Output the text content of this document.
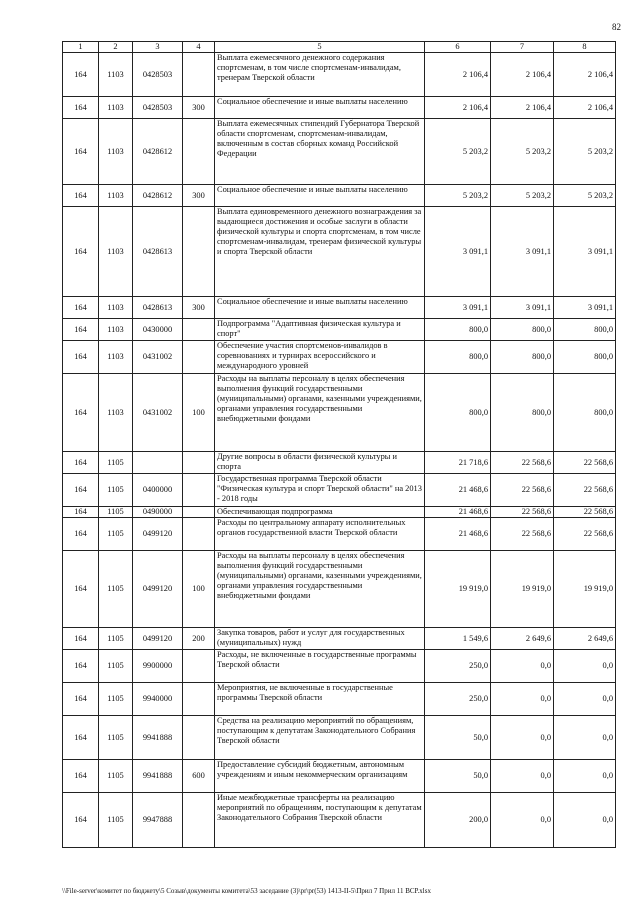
82
1	2	3	4	5	6	7	8
164	1103	0428503		Выплата ежемесячного денежного содержания спортсменам, в том числе спортсменам-инвалидам, тренерам Тверской области	2 106,4	2 106,4	2 106,4
164	1103	0428503	300	Социальное обеспечение и иные выплаты населению	2 106,4	2 106,4	2 106,4
164	1103	0428612		Выплата ежемесячных стипендий Губернатора Тверской области спортсменам, спортсменам-инвалидам, включенным в состав сборных команд Российской Федерации	5 203,2	5 203,2	5 203,2
164	1103	0428612	300	Социальное обеспечение и иные выплаты населению	5 203,2	5 203,2	5 203,2
164	1103	0428613		Выплата единовременного денежного вознаграждения за выдающиеся достижения и особые заслуги в области физической культуры и спорта спортсменам, в том числе спортсменам-инвалидам, тренерам физической культуры и спорта Тверской области	3 091,1	3 091,1	3 091,1
164	1103	0428613	300	Социальное обеспечение и иные выплаты населению	3 091,1	3 091,1	3 091,1
164	1103	0430000		Подпрограмма "Адаптивная физическая культура и спорт"	800,0	800,0	800,0
164	1103	0431002		Обеспечение участия спортсменов-инвалидов в соревнованиях и турнирах всероссийского и международного уровней	800,0	800,0	800,0
164	1103	0431002	100	Расходы на выплаты персоналу в целях обеспечения выполнения функций государственными (муниципальными) органами, казенными учреждениями, органами управления государственными внебюджетными фондами	800,0	800,0	800,0
164	1105			Другие вопросы в области физической культуры и спорта	21 718,6	22 568,6	22 568,6
164	1105	0400000		Государственная программа Тверской области "Физическая культура и спорт Тверской области" на 2013 - 2018 годы	21 468,6	22 568,6	22 568,6
164	1105	0490000		Обеспечивающая подпрограмма	21 468,6	22 568,6	22 568,6
164	1105	0499120		Расходы по центральному аппарату исполнительных органов государственной власти Тверской области	21 468,6	22 568,6	22 568,6
164	1105	0499120	100	Расходы на выплаты персоналу в целях обеспечения выполнения функций государственными (муниципальными) органами, казенными учреждениями, органами управления государственными внебюджетными фондами	19 919,0	19 919,0	19 919,0
164	1105	0499120	200	Закупка товаров, работ и услуг для государственных (муниципальных) нужд	1 549,6	2 649,6	2 649,6
164	1105	9900000		Расходы, не включенные в государственные программы Тверской области	250,0	0,0	0,0
164	1105	9940000		Мероприятия, не включенные в государственные программы Тверской области	250,0	0,0	0,0
164	1105	9941888		Средства на реализацию мероприятий по обращениям, поступающим к депутатам Законодательного Собрания Тверской области	50,0	0,0	0,0
164	1105	9941888	600	Предоставление субсидий бюджетным, автономным учреждениям и иным некоммерческим организациям	50,0	0,0	0,0
164	1105	9947888		Иные межбюджетные трансферты на реализацию мероприятий по обращениям, поступающим к депутатам Законодательного Собрания Тверской области	200,0	0,0	0,0
\\File-server\комитет по бюджету\5 Созыв\документы комитета\53 заседание (3)\pr\pr(53) 1413-II-5\Прил 7 Прил 11 ВСР.xlsx
